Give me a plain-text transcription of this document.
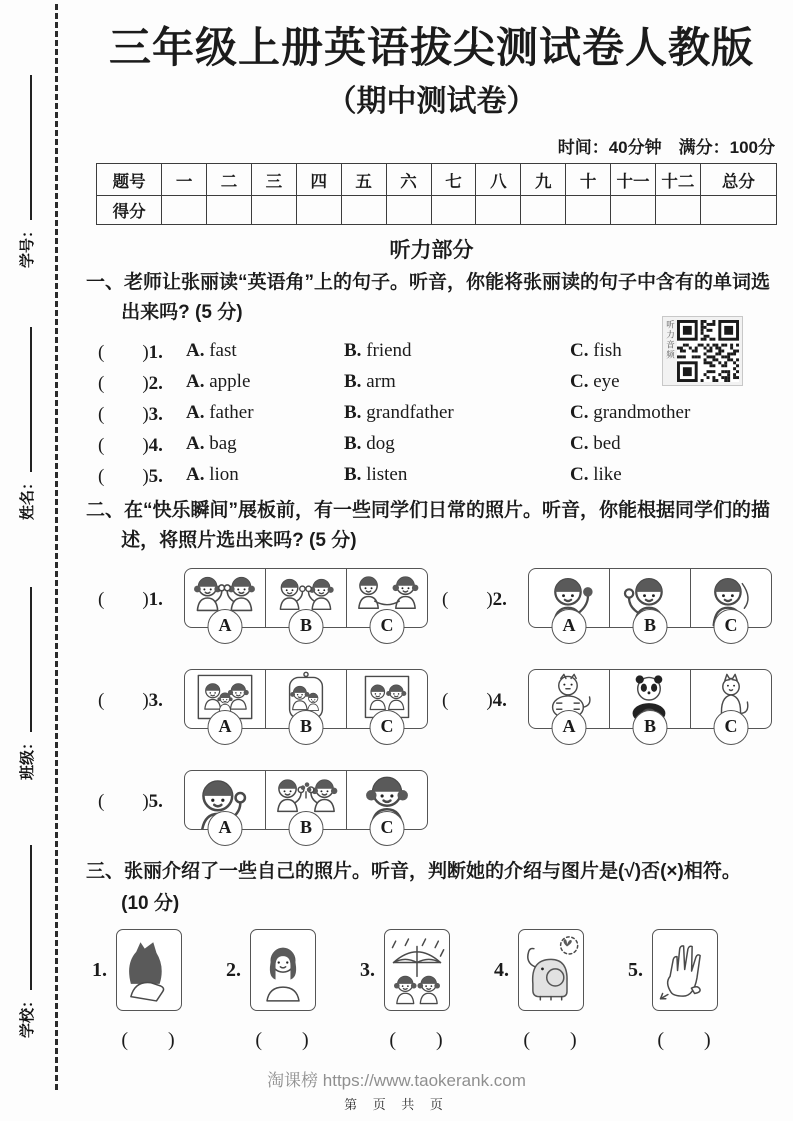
学号：
姓名：
班级：
学校：
三年级上册英语拔尖测试卷人教版
（期中测试卷）
时间：40分钟　满分：100分
题号	一	二	三	四	五	六	七	八	九	十	十一	十二	总分
得分													
听力部分
一、老师让张丽读“英语角”上的句子。听音，你能将张丽读的句子中含有的单词选出来吗? (5 分)
(　　)1.	A. fast	B. friend	C. fish
(　　)2.	A. apple	B. arm	C. eye
(　　)3.	A. father	B. grandfather	C. grandmother
(　　)4.	A. bag	B. dog	C. bed
(　　)5.	A. lion	B. listen	C. like
二、在“快乐瞬间”展板前，有一些同学们日常的照片。听音，你能根据同学们的描述，将照片选出来吗? (5 分)
(　　)1.
A	B	C
(　　)2.
A	B	C
(　　)3.
A	B	C
(　　)4.
A	B	C
(　　)5.
A	B	C
三、张丽介绍了一些自己的照片。听音，判断她的介绍与图片是(√)否(×)相符。
(10 分)
1.
(　　)
2.
(　　)
3.
(　　)
4.
(　　)
5.
(　　)
听力音频
淘课榜 https://www.taokerank.com
第 页 共 页
